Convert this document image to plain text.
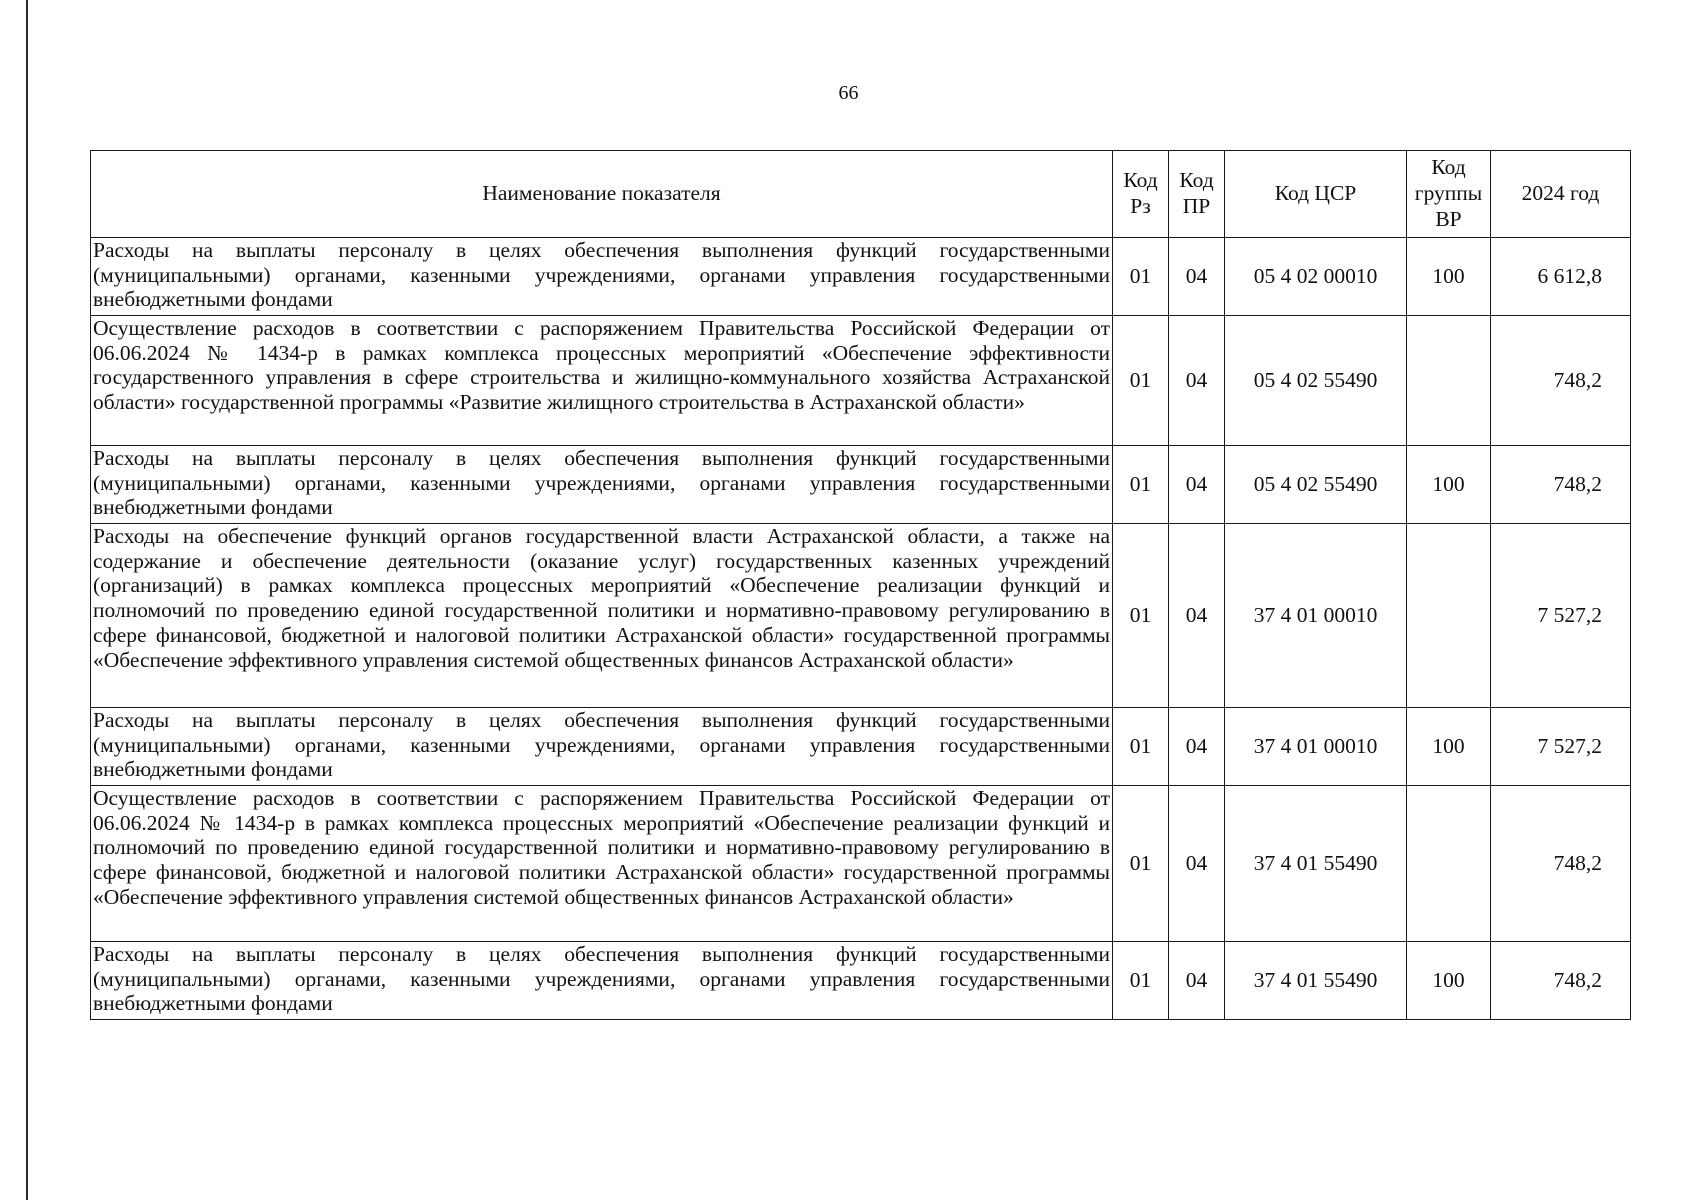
66
Наименование показателя	Код Рз	Код ПР	Код ЦСР	Код группы ВР	2024 год
Расходы на выплаты персоналу в целях обеспечения выполнения функций государственными (муниципальными) органами, казенными учреждениями, органами управления государственными внебюджетными фондами	01	04	05 4 02 00010	100	6 612,8
Осуществление расходов в соответствии с распоряжением Правительства Российской Федерации от 06.06.2024 № 1434-р в рамках комплекса процессных мероприятий «Обеспечение эффективности государственного управления в сфере строительства и жилищно-коммунального хозяйства Астраханской области» государственной программы «Развитие жилищного строительства в Астраханской области»	01	04	05 4 02 55490		748,2
Расходы на выплаты персоналу в целях обеспечения выполнения функций государственными (муниципальными) органами, казенными учреждениями, органами управления государственными внебюджетными фондами	01	04	05 4 02 55490	100	748,2
Расходы на обеспечение функций органов государственной власти Астраханской области, а также на содержание и обеспечение деятельности (оказание услуг) государственных казенных учреждений (организаций) в рамках комплекса процессных мероприятий «Обеспечение реализации функций и полномочий по проведению единой государственной политики и нормативно-правовому регулированию в сфере финансовой, бюджетной и налоговой политики Астраханской области» государственной программы «Обеспечение эффективного управления системой общественных финансов Астраханской области»	01	04	37 4 01 00010		7 527,2
Расходы на выплаты персоналу в целях обеспечения выполнения функций государственными (муниципальными) органами, казенными учреждениями, органами управления государственными внебюджетными фондами	01	04	37 4 01 00010	100	7 527,2
Осуществление расходов в соответствии с распоряжением Правительства Российской Федерации от 06.06.2024 № 1434-р в рамках комплекса процессных мероприятий «Обеспечение реализации функций и полномочий по проведению единой государственной политики и нормативно-правовому регулированию в сфере финансовой, бюджетной и налоговой политики Астраханской области» государственной программы «Обеспечение эффективного управления системой общественных финансов Астраханской области»	01	04	37 4 01 55490		748,2
Расходы на выплаты персоналу в целях обеспечения выполнения функций государственными (муниципальными) органами, казенными учреждениями, органами управления государственными внебюджетными фондами	01	04	37 4 01 55490	100	748,2
